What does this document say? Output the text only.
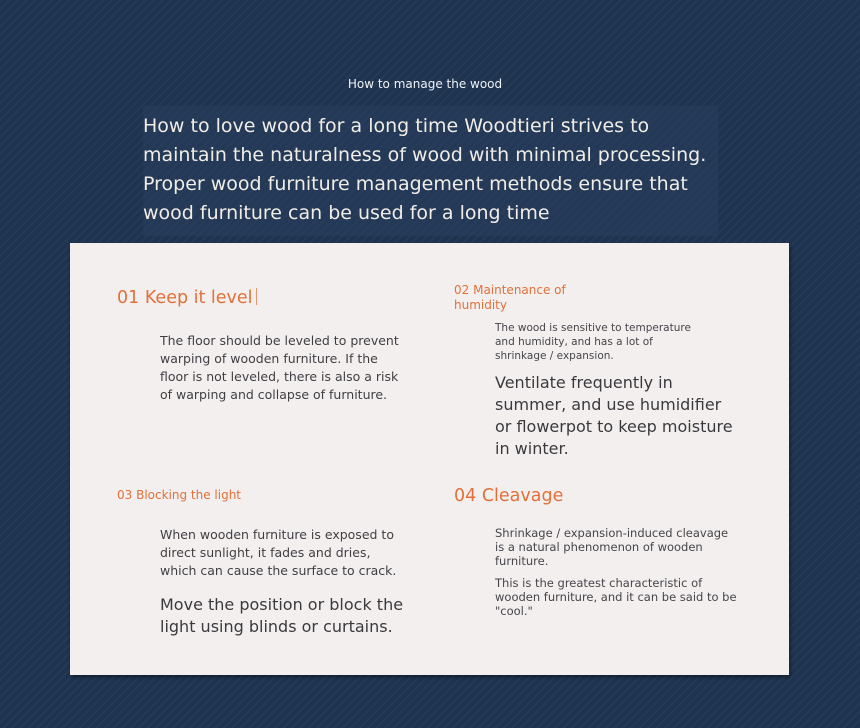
How to manage the wood
How to love wood for a long time Woodtieri strives to maintain the naturalness of wood with minimal processing. Proper wood furniture management methods ensure that wood furniture can be used for a long time
01 Keep it level
The floor should be leveled to prevent warping of wooden furniture. If the floor is not leveled, there is also a risk of warping and collapse of furniture.
02 Maintenance of humidity
The wood is sensitive to temperature and humidity, and has a lot of shrinkage / expansion.
Ventilate frequently in summer, and use humidifier or flowerpot to keep moisture in winter.
03 Blocking the light
When wooden furniture is exposed to direct sunlight, it fades and dries, which can cause the surface to crack.
Move the position or block the light using blinds or curtains.
04 Cleavage
Shrinkage / expansion-induced cleavage is a natural phenomenon of wooden furniture.
This is the greatest characteristic of wooden furniture, and it can be said to be "cool."
